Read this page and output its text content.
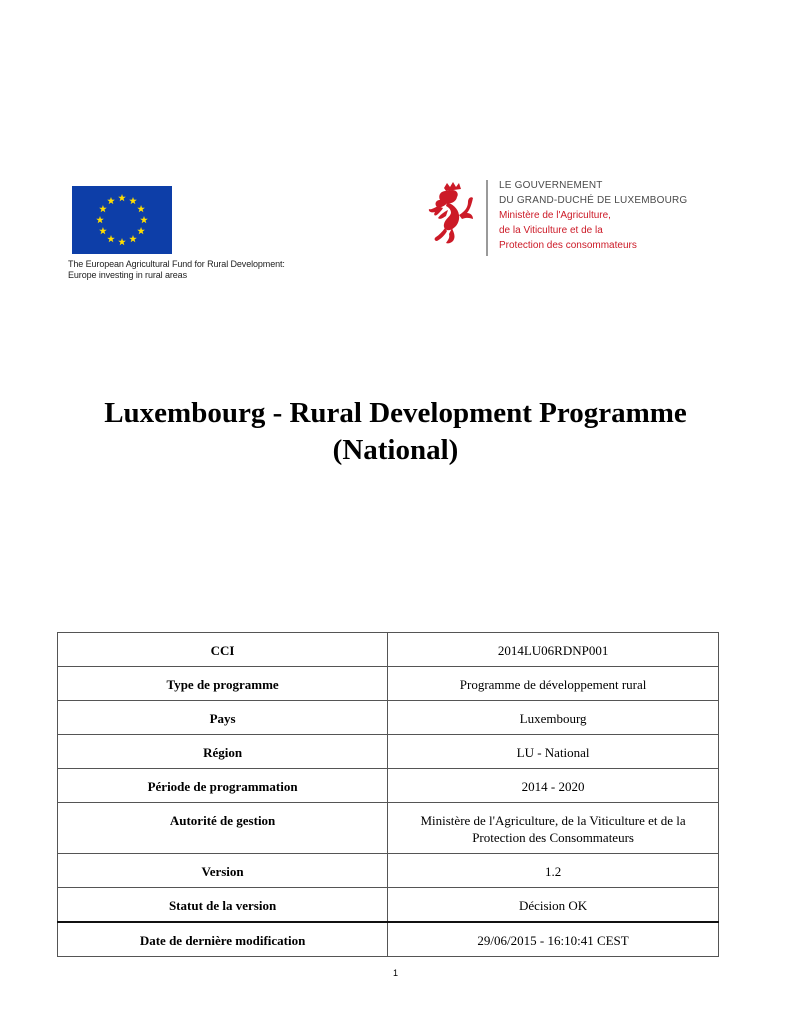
The European Agricultural Fund for Rural Development:
Europe investing in rural areas
LE GOUVERNEMENT
DU GRAND-DUCHÉ DE LUXEMBOURG
Ministère de l'Agriculture,
de la Viticulture et de la
Protection des consommateurs
Luxembourg - Rural Development Programme
(National)
CCI	2014LU06RDNP001
Type de programme	Programme de développement rural
Pays	Luxembourg
Région	LU - National
Période de programmation	2014 - 2020
Autorité de gestion	Ministère de l'Agriculture, de la Viticulture et de la Protection des Consommateurs
Version	1.2
Statut de la version	Décision OK
Date de dernière modification	29/06/2015 - 16:10:41 CEST
1
